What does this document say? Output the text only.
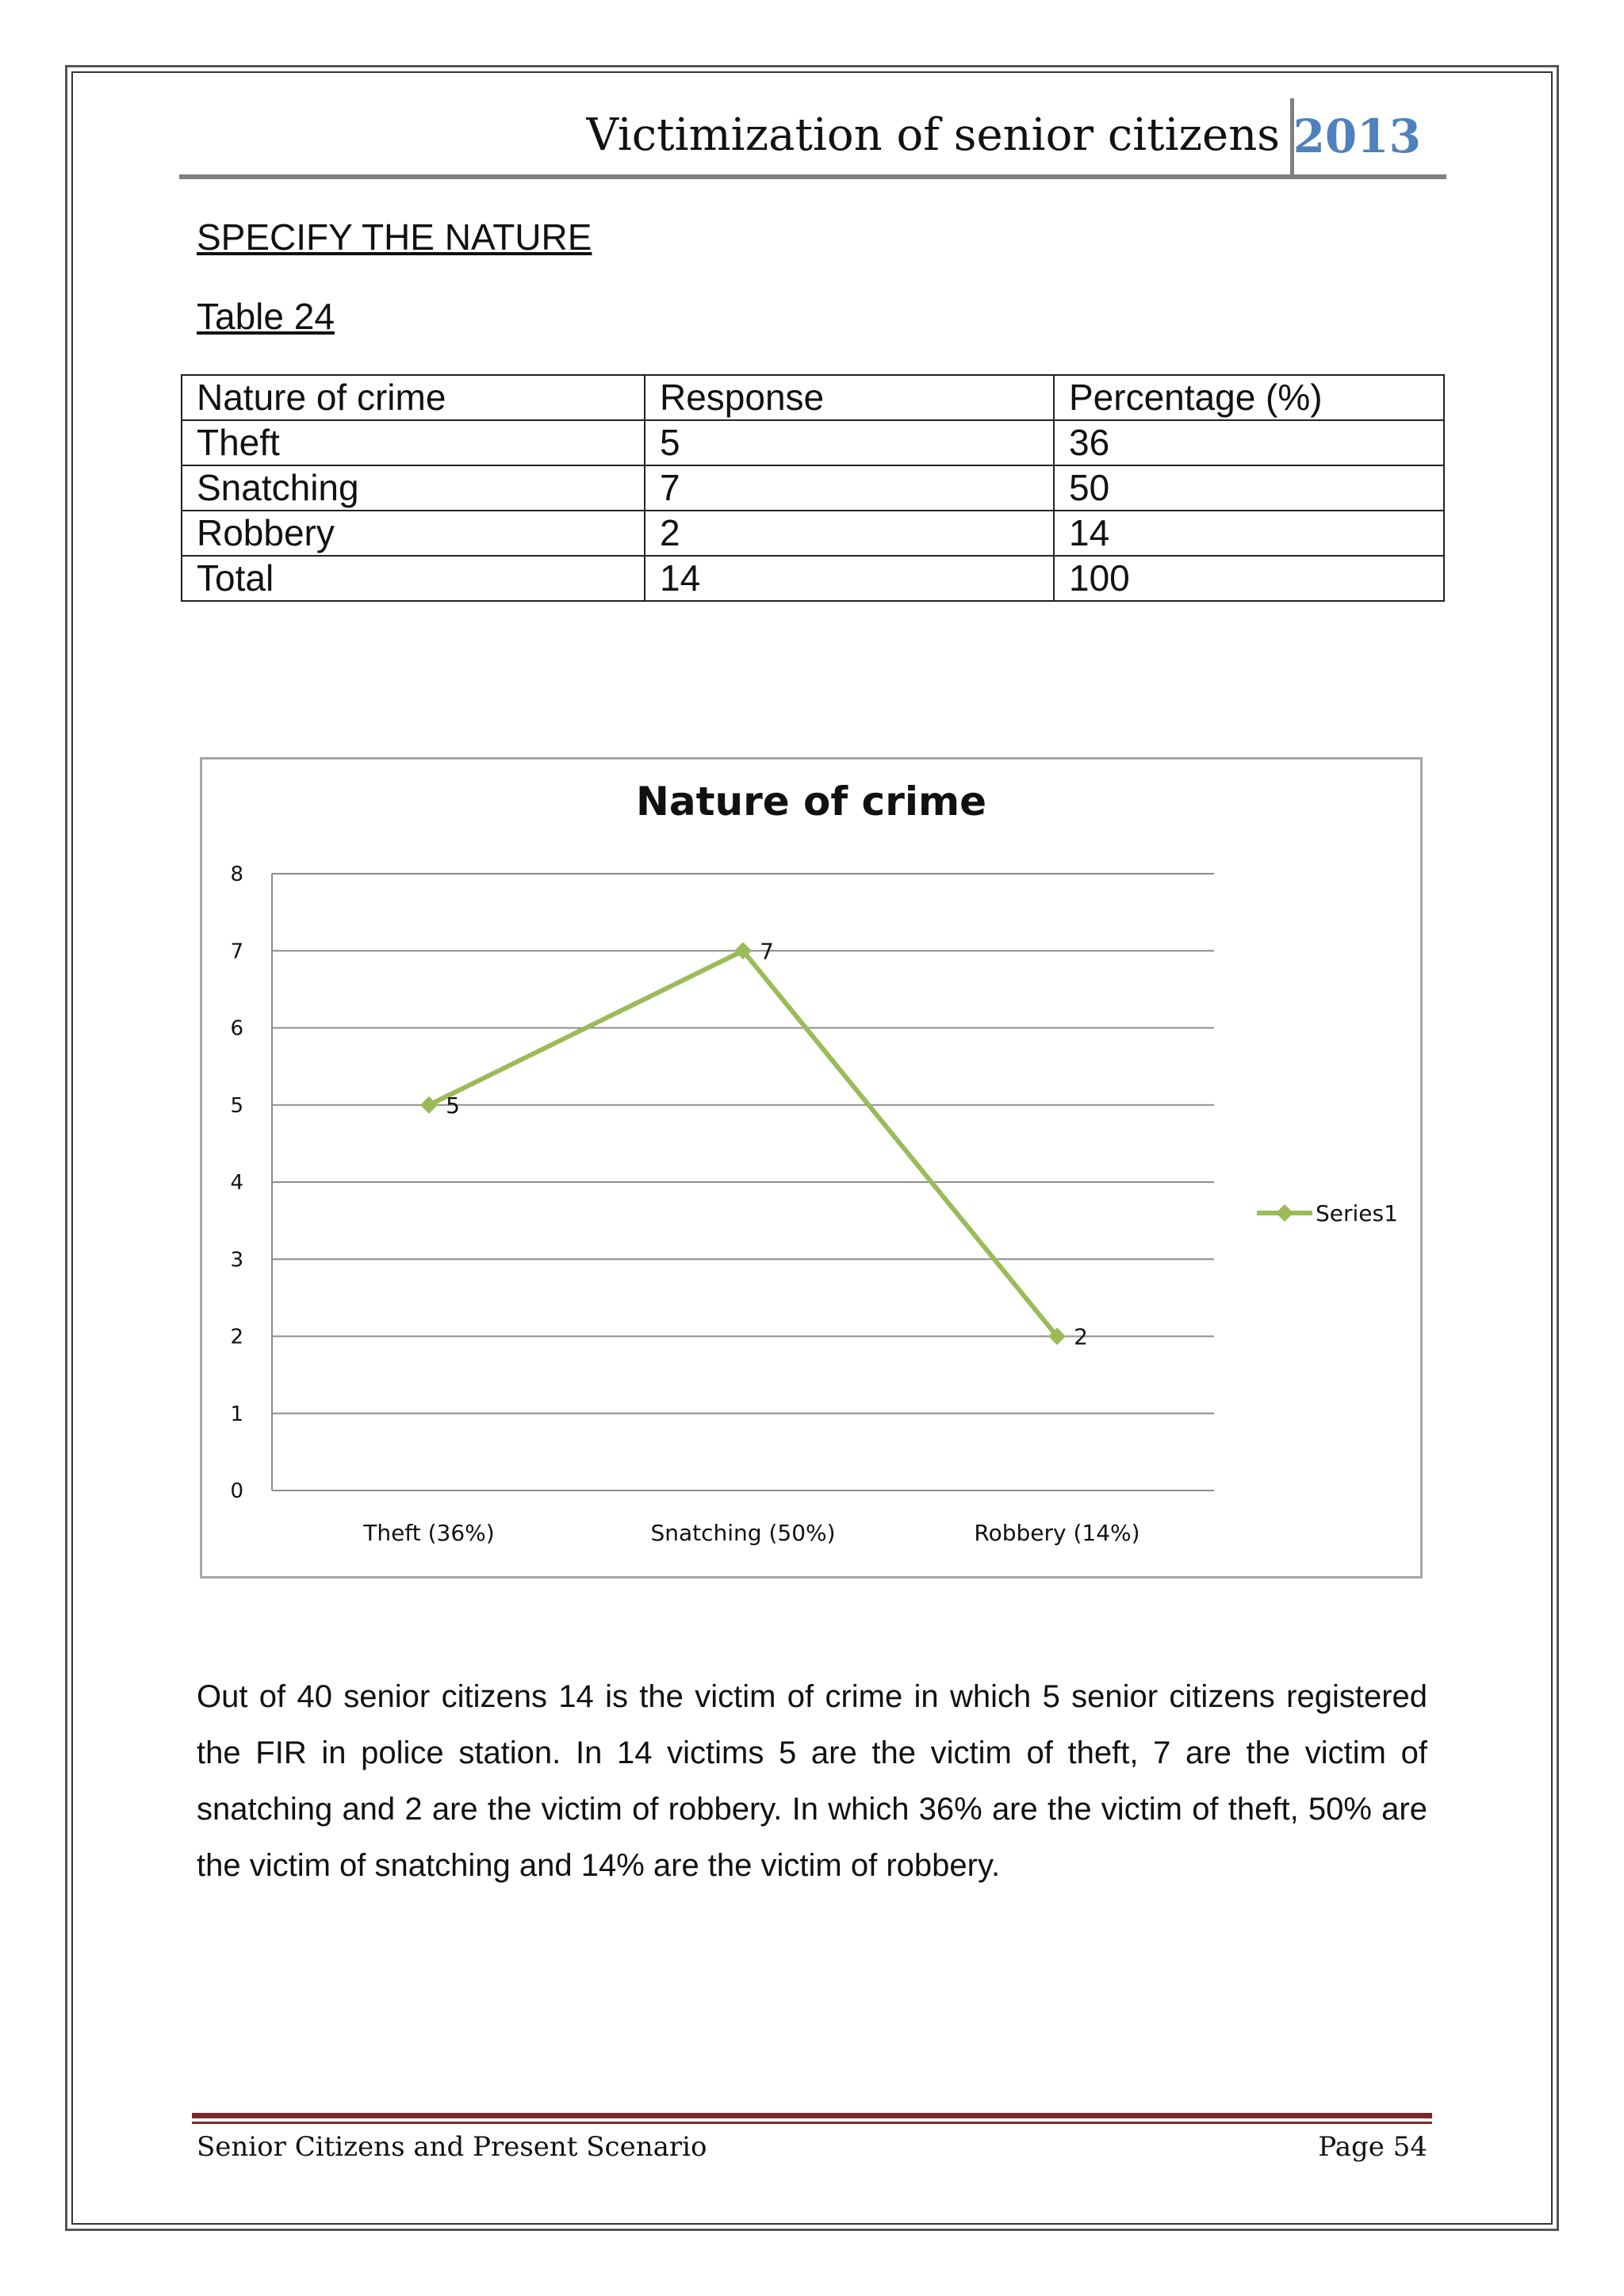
Victimization of senior citizens 2013
SPECIFY THE NATURE
Table 24
Nature of crime	Response	Percentage (%)
Theft	5	36
Snatching	7	50
Robbery	2	14
Total	14	100
Nature of crime
0
1
2
3
4
5
6
7
8
Theft (36%)	Snatching (50%)	Robbery (14%)
5
7
2
Series1
Out of 40 senior citizens 14 is the victim of crime in which 5 senior citizens registered the FIR in police station. In 14 victims 5 are the victim of theft, 7 are the victim of snatching and 2 are the victim of robbery. In which 36% are the victim of theft, 50% are the victim of snatching and 14% are the victim of robbery.
Senior Citizens and Present Scenario	Page 54
